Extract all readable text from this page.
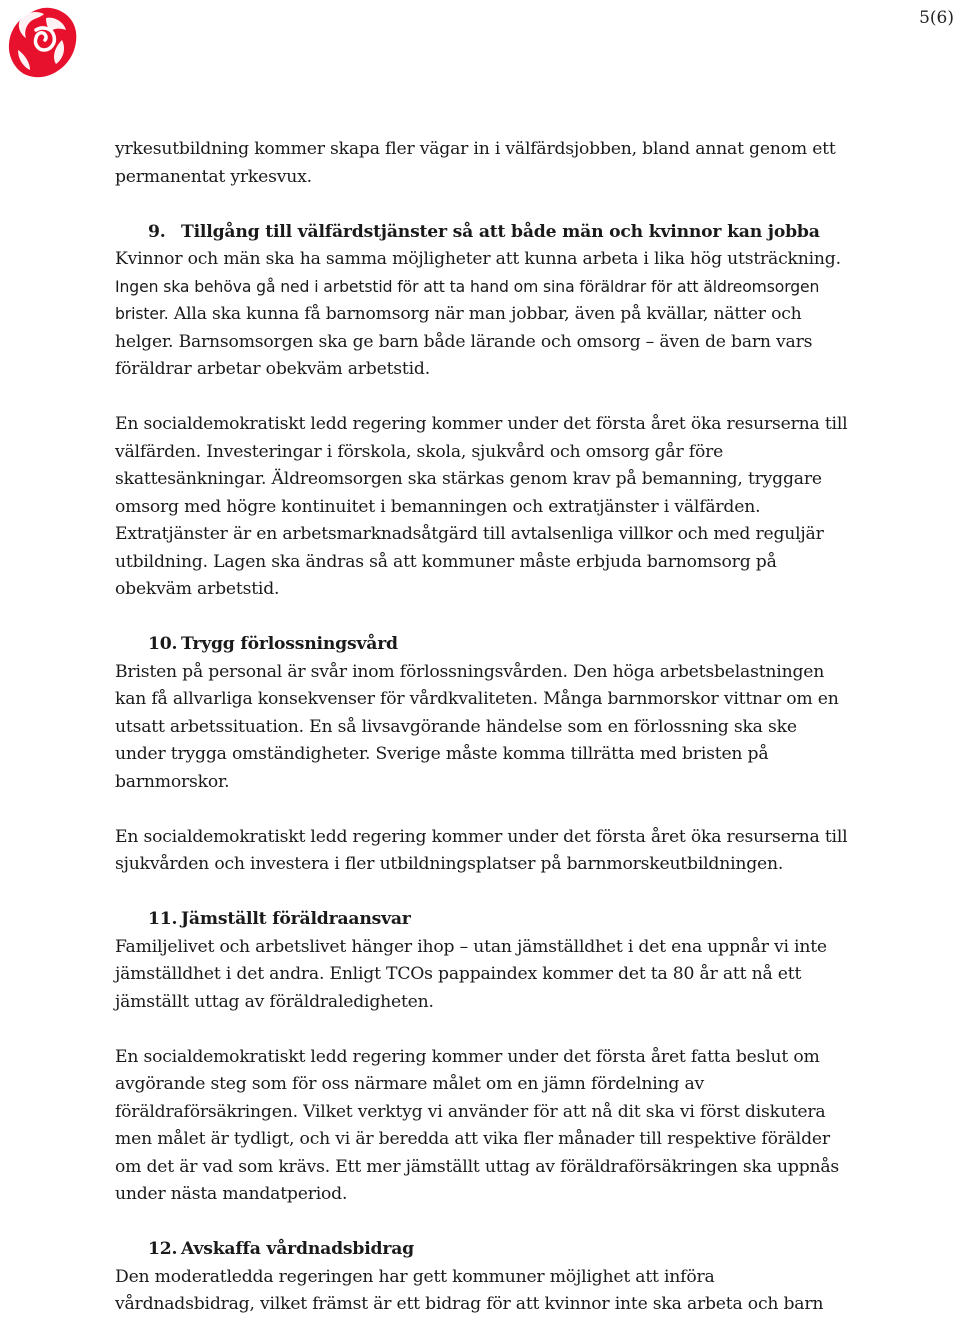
5(6)

yrkesutbildning kommer skapa fler vägar in i välfärdsjobben, bland annat genom ett permanentat yrkesvux.

9. Tillgång till välfärdstjänster så att både män och kvinnor kan jobba

Kvinnor och män ska ha samma möjligheter att kunna arbeta i lika hög utsträckning. Ingen ska behöva gå ned i arbetstid för att ta hand om sina föräldrar för att äldreomsorgen brister. Alla ska kunna få barnomsorg när man jobbar, även på kvällar, nätter och helger. Barnsomsorgen ska ge barn både lärande och omsorg – även de barn vars föräldrar arbetar obekväm arbetstid.

En socialdemokratiskt ledd regering kommer under det första året öka resurserna till välfärden. Investeringar i förskola, skola, sjukvård och omsorg går före skattesänkningar. Äldreomsorgen ska stärkas genom krav på bemanning, tryggare omsorg med högre kontinuitet i bemanningen och extratjänster i välfärden. Extratjänster är en arbetsmarknadsåtgärd till avtalsenliga villkor och med reguljär utbildning. Lagen ska ändras så att kommuner måste erbjuda barnomsorg på obekväm arbetstid.

10. Trygg förlossningsvård

Bristen på personal är svår inom förlossningsvården. Den höga arbetsbelastningen kan få allvarliga konsekvenser för vårdkvaliteten. Många barnmorskor vittnar om en utsatt arbetssituation. En så livsavgörande händelse som en förlossning ska ske under trygga omständigheter. Sverige måste komma tillrätta med bristen på barnmorskor.

En socialdemokratiskt ledd regering kommer under det första året öka resurserna till sjukvården och investera i fler utbildningsplatser på barnmorskeutbildningen.

11. Jämställt föräldraansvar

Familjelivet och arbetslivet hänger ihop – utan jämställdhet i det ena uppnår vi inte jämställdhet i det andra. Enligt TCOs pappaindex kommer det ta 80 år att nå ett jämställt uttag av föräldraledigheten.

En socialdemokratiskt ledd regering kommer under det första året fatta beslut om avgörande steg som för oss närmare målet om en jämn fördelning av föräldraförsäkringen. Vilket verktyg vi använder för att nå dit ska vi först diskutera men målet är tydligt, och vi är beredda att vika fler månader till respektive förälder om det är vad som krävs. Ett mer jämställt uttag av föräldraförsäkringen ska uppnås under nästa mandatperiod.

12. Avskaffa vårdnadsbidrag

Den moderatledda regeringen har gett kommuner möjlighet att införa vårdnadsbidrag, vilket främst är ett bidrag för att kvinnor inte ska arbeta och barn
